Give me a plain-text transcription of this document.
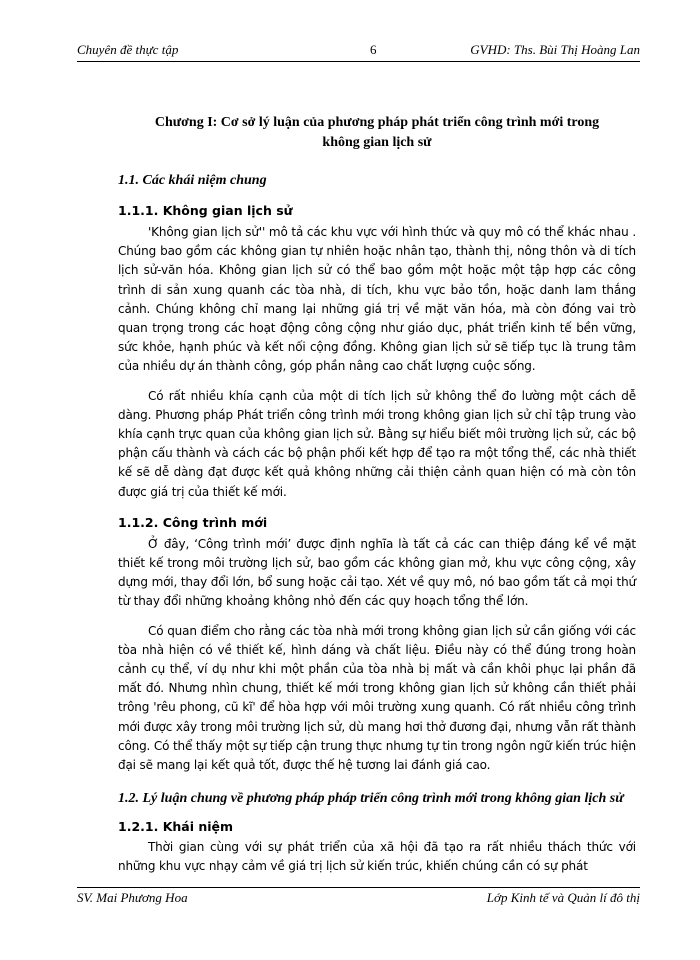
Chuyên đề thực tập	6	GVHD: Ths. Bùi Thị Hoàng Lan

Chương I: Cơ sở lý luận của phương pháp phát triển công trình mới trong

không gian lịch sử

1.1. Các khái niệm chung

1.1.1. Không gian lịch sử

'Không gian lịch sử'' mô tả các khu vực với hình thức và quy mô có thể khác nhau . Chúng bao gồm các không gian tự nhiên hoặc nhân tạo, thành thị, nông thôn và di tích lịch sử-văn hóa. Không gian lịch sử có thể bao gồm một hoặc một tập hợp các công trình di sản xung quanh các tòa nhà, di tích, khu vực bảo tồn, hoặc danh lam thắng cảnh. Chúng không chỉ mang lại những giá trị về mặt văn hóa, mà còn đóng vai trò quan trọng trong các hoạt động công cộng như giáo dục, phát triển kinh tế bền vững, sức khỏe, hạnh phúc và kết nối cộng đồng. Không gian lịch sử sẽ tiếp tục là trung tâm của nhiều dự án thành công, góp phần nâng cao chất lượng cuộc sống.

Có rất nhiều khía cạnh của một di tích lịch sử không thể đo lường một cách dễ dàng. Phương pháp Phát triển công trình mới trong không gian lịch sử chỉ tập trung vào khía cạnh trực quan của không gian lịch sử. Bằng sự hiểu biết môi trường lịch sử, các bộ phận cấu thành và cách các bộ phận phối kết hợp để tạo ra một tổng thể, các nhà thiết kế sẽ dễ dàng đạt được kết quả không những cải thiện cảnh quan hiện có mà còn tôn được giá trị của thiết kế mới.

1.1.2. Công trình mới

Ở đây, ‘Công trình mới’ được định nghĩa là tất cả các can thiệp đáng kể về mặt thiết kế trong môi trường lịch sử, bao gồm các không gian mở, khu vực công cộng, xây dựng mới, thay đổi lớn, bổ sung hoặc cải tạo. Xét về quy mô, nó bao gồm tất cả mọi thứ từ thay đổi những khoảng không nhỏ đến các quy hoạch tổng thể lớn.

Có quan điểm cho rằng các tòa nhà mới trong không gian lịch sử cần giống với các tòa nhà hiện có về thiết kế, hình dáng và chất liệu. Điều này có thể đúng trong hoàn cảnh cụ thể, ví dụ như khi một phần của tòa nhà bị mất và cần khôi phục lại phần đã mất đó. Nhưng nhìn chung, thiết kế mới trong không gian lịch sử không cần thiết phải trông 'rêu phong, cũ kĩ' để hòa hợp với môi trường xung quanh. Có rất nhiều công trình mới được xây trong môi trường lịch sử, dù mang hơi thở đương đại, nhưng vẫn rất thành công. Có thể thấy một sự tiếp cận trung thực nhưng tự tin trong ngôn ngữ kiến trúc hiện đại sẽ mang lại kết quả tốt, được thế hệ tương lai đánh giá cao.

1.2. Lý luận chung về phương pháp pháp triển công trình mới trong không gian lịch sử

1.2.1. Khái niệm

Thời gian cùng với sự phát triển của xã hội đã tạo ra rất nhiều thách thức với những khu vực nhạy cảm về giá trị lịch sử kiến trúc, khiến chúng cần có sự phát

SV. Mai Phương Hoa	Lớp Kinh tế và Quản lí đô thị
